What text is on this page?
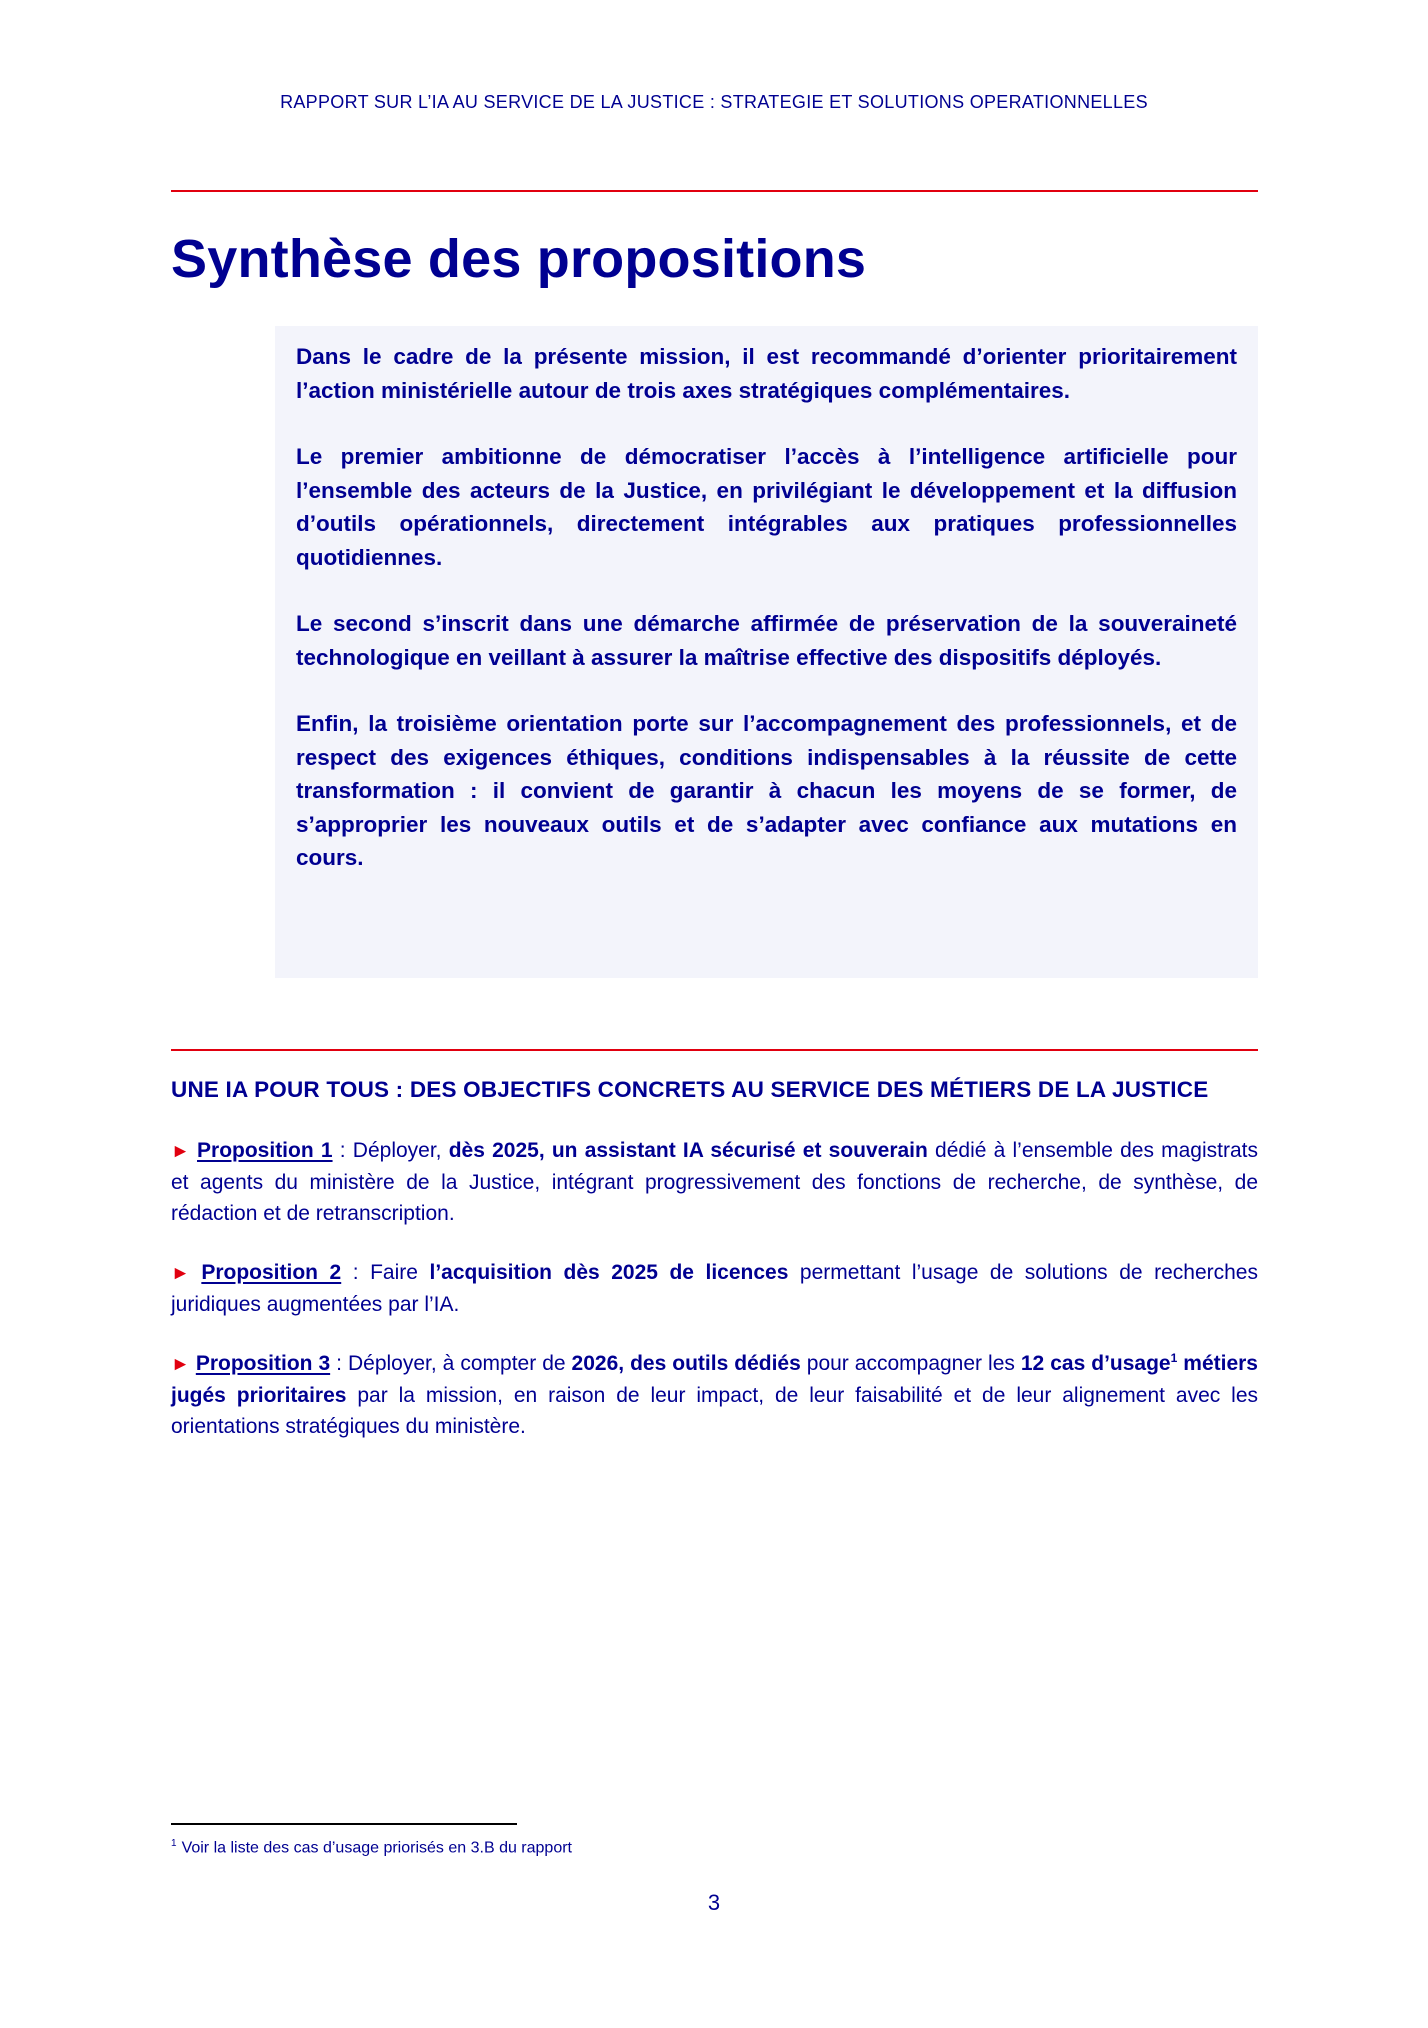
RAPPORT SUR L’IA AU SERVICE DE LA JUSTICE : STRATEGIE ET SOLUTIONS OPERATIONNELLES
Synthèse des propositions

Dans le cadre de la présente mission, il est recommandé d’orienter prioritairement l’action ministérielle autour de trois axes stratégiques complémentaires.

Le premier ambitionne de démocratiser l’accès à l’intelligence artificielle pour l’ensemble des acteurs de la Justice, en privilégiant le développement et la diffusion d’outils opérationnels, directement intégrables aux pratiques professionnelles quotidiennes.

Le second s’inscrit dans une démarche affirmée de préservation de la souveraineté technologique en veillant à assurer la maîtrise effective des dispositifs déployés.

Enfin, la troisième orientation porte sur l’accompagnement des professionnels, et de respect des exigences éthiques, conditions indispensables à la réussite de cette transformation : il convient de garantir à chacun les moyens de se former, de s’approprier les nouveaux outils et de s’adapter avec confiance aux mutations en cours.

UNE IA POUR TOUS : DES OBJECTIFS CONCRETS AU SERVICE DES MÉTIERS DE LA JUSTICE

► Proposition 1 : Déployer, dès 2025, un assistant IA sécurisé et souverain dédié à l’ensemble des magistrats et agents du ministère de la Justice, intégrant progressivement des fonctions de recherche, de synthèse, de rédaction et de retranscription.

► Proposition 2 : Faire l’acquisition dès 2025 de licences permettant l’usage de solutions de recherches juridiques augmentées par l’IA.

► Proposition 3 : Déployer, à compter de 2026, des outils dédiés pour accompagner les 12 cas d’usage$^1$ métiers jugés prioritaires par la mission, en raison de leur impact, de leur faisabilité et de leur alignement avec les orientations stratégiques du ministère.

$^1$ Voir la liste des cas d’usage priorisés en 3.B du rapport
3
